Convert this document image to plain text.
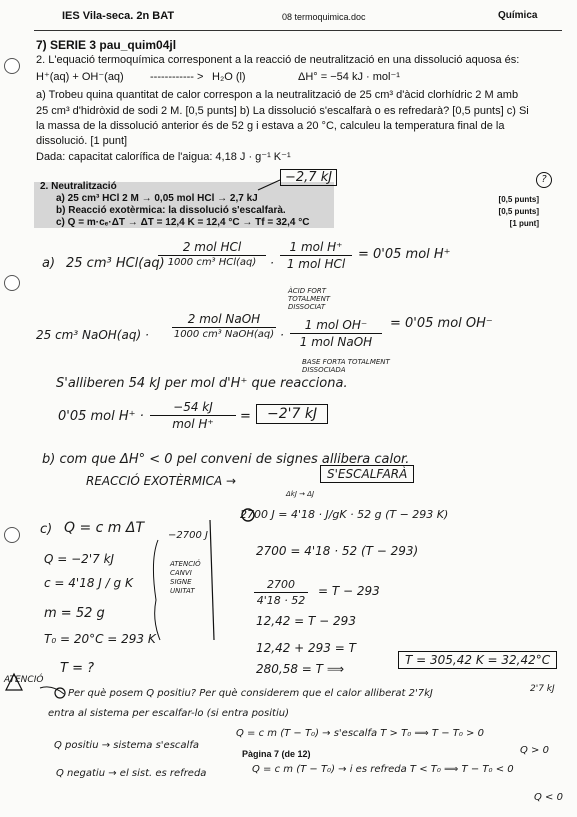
IES Vila-seca. 2n BAT	08 termoquimica.doc	Química
7) SERIE 3 pau_quim04jl
2. L'equació termoquímica corresponent a la reacció de neutralització en una dissolució aquosa és:
H⁺(aq) + OH⁻(aq) ------------ > H₂O (l)	ΔH° = −54 kJ · mol⁻¹
a) Trobeu quina quantitat de calor correspon a la neutralització de 25 cm³ d'àcid clorhídric 2 M amb
25 cm³ d'hidròxid de sodi 2 M. [0,5 punts] b) La dissolució s'escalfarà o es refredarà? [0,5 punts] c) Si
la massa de la dissolució anterior és de 52 g i estava a 20 °C, calculeu la temperatura final de la
dissolució. [1 punt]
Dada: capacitat calorífica de l'aigua: 4,18 J · g⁻¹ K⁻¹
2. Neutralització
a) 25 cm³ HCl 2 M → 0,05 mol HCl → 2,7 kJ
b) Reacció exotèrmica: la dissolució s'escalfarà.
c) Q = m·cₑ·ΔT → ΔT = 12,4 K = 12,4 °C → Tf = 32,4 °C
[0,5 punts]
[0,5 punts]
[1 punt]
−2,7 kJ	?
a) 25 cm³ HCl(aq) ·
2 mol HCl
1000 cm³ HCl(aq)	·
1 mol H⁺
1 mol HCl
= 0'05 mol H⁺
ÀCID FORT TOTALMENT DISSOCIAT
25 cm³ NaOH(aq) ·
2 mol NaOH
1000 cm³ NaOH(aq) ·
1 mol OH⁻
1 mol NaOH
= 0'05 mol OH⁻
BASE FORTA TOTALMENT DISSOCIADA
S'alliberen 54 kJ per mol d'H⁺ que reacciona.
0'05 mol H⁺ ·
−54 kJ
mol H⁺	=	−2'7 kJ
b) com que ΔH° < 0 pel conveni de signes allibera calor.
REACCIÓ EXOTÈRMICA →	S'ESCALFARÀ
ΔkJ → ΔJ
c) Q = c m ΔT
Q = −2'7 kJ
−2700 J
c = 4'18 J / g K
ATENCIÓ CANVI SIGNE UNITAT
m = 52 g
T₀ = 20°C = 293 K
2700 J = 4'18 · J/gK · 52 g (T − 293 K)
2700 = 4'18 · 52 (T − 293)
2700
4'18 · 52
= T − 293
12,42 = T − 293
12,42 + 293 = T
280,58 = T ⟹
T = 305,42 K = 32,42°C
ATENCIÓ
T = ?
Per què posem Q positiu? Per què considerem que el calor alliberat 2'7kJ
entra al sistema per escalfar-lo (si entra positiu)
Q positiu → sistema s'escalfa
Q = c m (T − T₀) → s'escalfa T > T₀ ⟹ T − T₀ > 0
Q negatiu → el sist. es refreda	Q = c m (T − T₀) → i es refreda T < T₀ ⟹ T − T₀ < 0
Q > 0
Q < 0
2'7 kJ
Pàgina 7 (de 12)
